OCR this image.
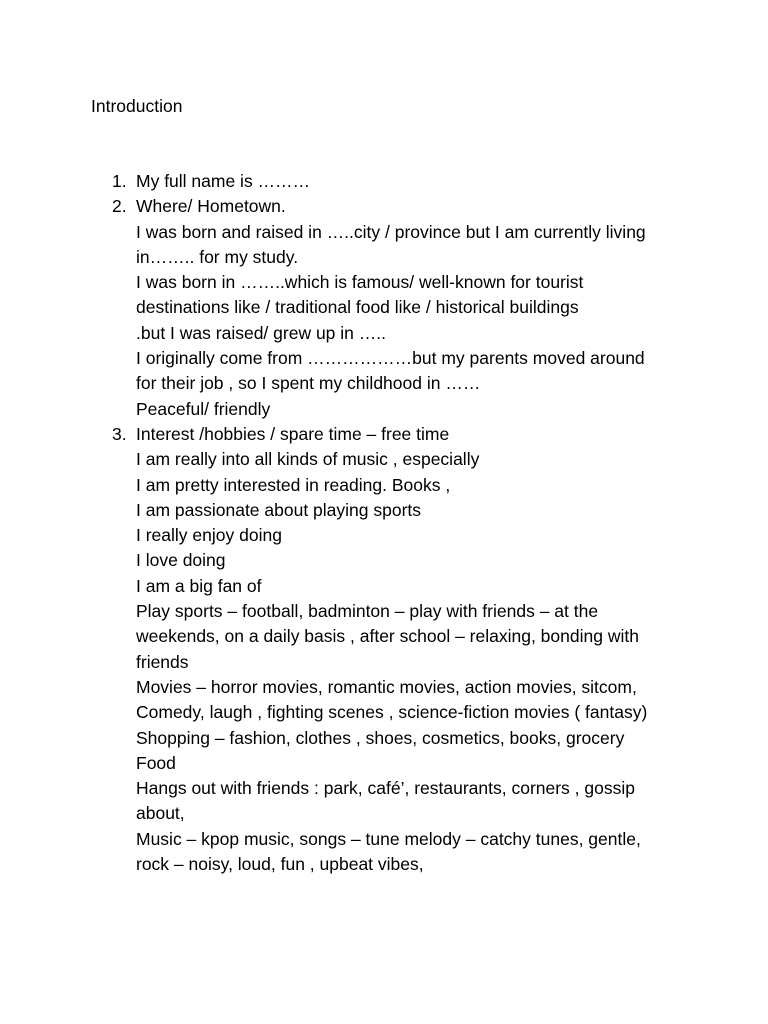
Introduction
1. My full name is ………
2. Where/ Hometown.
I was born and raised in …..city / province but I am currently living
in…….. for my study.
I was born in ……..which is famous/ well-known for tourist
destinations like / traditional food like / historical buildings
.but I was raised/ grew up in …..
I originally come from ………………but my parents moved around
for their job , so I spent my childhood in ……
Peaceful/ friendly
3. Interest /hobbies / spare time – free time
I am really into all kinds of music , especially
I am pretty interested in reading. Books ,
I am passionate about playing sports
I really enjoy doing
I love doing
I am a big fan of
Play sports – football, badminton – play with friends – at the
weekends, on a daily basis , after school – relaxing, bonding with
friends
Movies – horror movies, romantic movies, action movies, sitcom,
Comedy, laugh , fighting scenes , science-fiction movies ( fantasy)
Shopping – fashion, clothes , shoes, cosmetics, books, grocery
Food
Hangs out with friends : park, café’, restaurants, corners , gossip
about,
Music – kpop music, songs – tune melody – catchy tunes, gentle,
rock – noisy, loud, fun , upbeat vibes,
